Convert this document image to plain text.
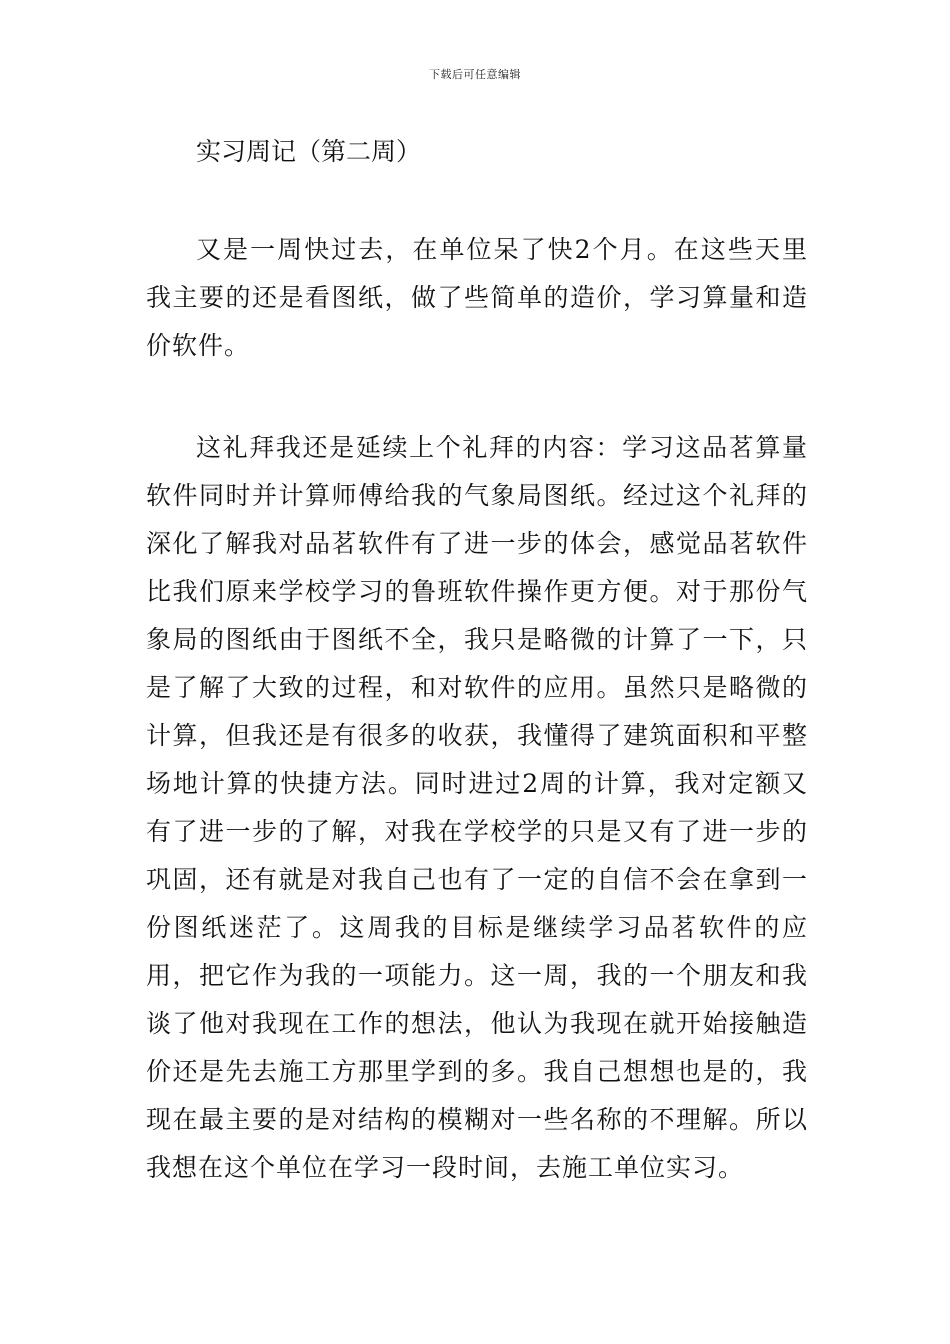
下载后可任意编辑
实习周记（第二周）

又是一周快过去，在单位呆了快2个月。在这些天里我主要的还是看图纸，做了些简单的造价，学习算量和造价软件。

这礼拜我还是延续上个礼拜的内容：学习这品茗算量软件同时并计算师傅给我的气象局图纸。经过这个礼拜的深化了解我对品茗软件有了进一步的体会，感觉品茗软件比我们原来学校学习的鲁班软件操作更方便。对于那份气象局的图纸由于图纸不全，我只是略微的计算了一下，只是了解了大致的过程，和对软件的应用。虽然只是略微的计算，但我还是有很多的收获，我懂得了建筑面积和平整场地计算的快捷方法。同时进过2周的计算，我对定额又有了进一步的了解，对我在学校学的只是又有了进一步的巩固，还有就是对我自己也有了一定的自信不会在拿到一份图纸迷茫了。这周我的目标是继续学习品茗软件的应用，把它作为我的一项能力。这一周，我的一个朋友和我谈了他对我现在工作的想法，他认为我现在就开始接触造价还是先去施工方那里学到的多。我自己想想也是的，我现在最主要的是对结构的模糊对一些名称的不理解。所以我想在这个单位在学习一段时间，去施工单位实习。
